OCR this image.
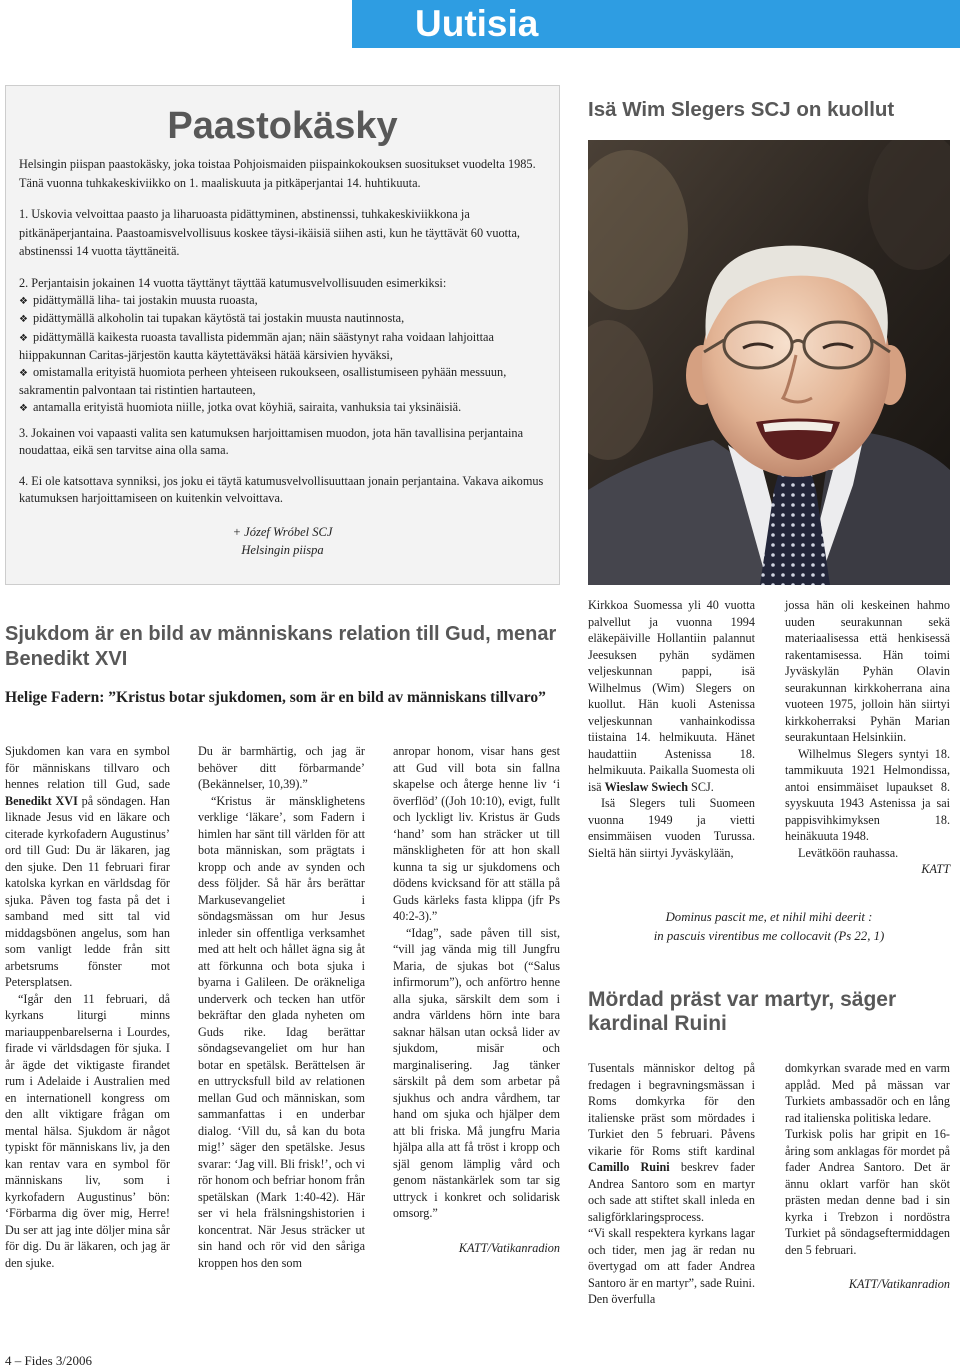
Uutisia
Paastokäsky

Helsingin piispan paastokäsky, joka toistaa Pohjoismaiden piispainkokouksen suositukset vuodelta 1985. Tänä vuonna tuhkakeskiviikko on 1. maaliskuuta ja pitkäperjantai 14. huhtikuuta.

1. Uskovia velvoittaa paasto ja liharuoasta pidättyminen, abstinenssi, tuhkakeskiviikkona ja pitkänäperjantaina. Paastoamisvelvollisuus koskee täysi-ikäisiä siihen asti, kun he täyttävät 60 vuotta, abstinenssi 14 vuotta täyttäneitä.

2. Perjantaisin jokainen 14 vuotta täyttänyt täyttää katumusvelvollisuuden esimerkiksi:
❖ pidättymällä liha- tai jostakin muusta ruoasta,
❖ pidättymällä alkoholin tai tupakan käytöstä tai jostakin muusta nautinnosta,
❖ pidättymällä kaikesta ruoasta tavallista pidemmän ajan; näin säästynyt raha voidaan lahjoittaa hiippakunnan Caritas-järjestön kautta käytettäväksi hätää kärsivien hyväksi,
❖ omistamalla erityistä huomiota perheen yhteiseen rukoukseen, osallistumiseen pyhään messuun, sakramentin palvontaan tai ristintien hartauteen,
❖ antamalla erityistä huomiota niille, jotka ovat köyhiä, sairaita, vanhuksia tai yksinäisiä.

3. Jokainen voi vapaasti valita sen katumuksen harjoittamisen muodon, jota hän tavallisina perjantaina noudattaa, eikä sen tarvitse aina olla sama.

4. Ei ole katsottava synniksi, jos joku ei täytä katumusvelvollisuuttaan jonain perjantaina. Vakava aikomus katumuksen harjoittamiseen on kuitenkin velvoittava.

+ Józef Wróbel SCJ
Helsingin piispa
Isä Wim Slegers SCJ on kuollut

Kirkkoa Suomessa yli 40 vuotta palvellut ja vuonna 1994 eläkepäiville Hollantiin palannut Jeesuksen pyhän sydämen veljeskunnan pappi, isä Wilhelmus (Wim) Slegers on kuollut. Hän kuoli Astenissa veljeskunnan vanhainkodissa tiistaina 14. helmikuuta. Hänet haudattiin Astenissa 18. helmikuuta. Paikalla Suomesta oli isä Wieslaw Swiech SCJ.

Isä Slegers tuli Suomeen vuonna 1949 ja vietti ensimmäisen vuoden Turussa. Sieltä hän siirtyi Jyväskylään,

jossa hän oli keskeinen hahmo uuden seurakunnan sekä materiaalisessa että henkisessä rakentamisessa. Hän toimi Jyväskylän Pyhän Olavin seurakunnan kirkkoherrana aina vuoteen 1975, jolloin hän siirtyi kirkkoherraksi Pyhän Marian seurakuntaan Helsinkiin.

Wilhelmus Slegers syntyi 18. tammikuuta 1921 Helmondissa, antoi ensimmäiset lupaukset 8. syyskuuta 1943 Astenissa ja sai pappisvihkimyksen 18. heinäkuuta 1948.

Levätköön rauhassa.

KATT

Dominus pascit me, et nihil mihi deerit :
in pascuis virentibus me collocavit (Ps 22, 1)
Sjukdom är en bild av människans relation till Gud, menar Benedikt XVI
Helige Fadern: ”Kristus botar sjukdomen, som är en bild av människans tillvaro”

Sjukdomen kan vara en symbol för människans tillvaro och hennes relation till Gud, sade Benedikt XVI på söndagen. Han liknade Jesus vid en läkare och citerade kyrkofadern Augustinus’ ord till Gud: Du är läkaren, jag den sjuke. Den 11 februari firar katolska kyrkan en världsdag för sjuka. Påven tog fasta på det i samband med sitt tal vid middagsbönen angelus, som han som vanligt ledde från sitt arbetsrums fönster mot Petersplatsen.

“Igår den 11 februari, då kyrkans liturgi minns mariauppenbarelserna i Lourdes, firade vi världsdagen för sjuka. I år ägde det viktigaste firandet rum i Adelaide i Australien med en internationell kongress om den allt viktigare frågan om mental hälsa. Sjukdom är något typiskt för människans liv, ja den kan rentav vara en symbol för människans liv, som i kyrkofadern Augustinus’ bön: ‘Förbarma dig över mig, Herre! Du ser att jag inte döljer mina sår för dig. Du är läkaren, och jag är den sjuke.

Du är barmhärtig, och jag är behöver ditt förbarmande’ (Bekännelser, 10,39).”

“Kristus är mänsklighetens verklige ‘läkare’, som Fadern i himlen har sänt till världen för att bota människan, som prägtats i kropp och ande av synden och dess följder. Så här års berättar Markusevangeliet i söndagsmässan om hur Jesus inleder sin offentliga verksamhet med att helt och hållet ägna sig åt att förkunna och bota sjuka i byarna i Galileen. De oräkneliga underverk och tecken han utför bekräftar den glada nyheten om Guds rike. Idag berättar söndagsevangeliet om hur han botar en spetälsk. Berättelsen är en uttrycksfull bild av relationen mellan Gud och människan, som sammanfattas i en underbar dialog. ‘Vill du, så kan du bota mig!’ säger den spetälske. Jesus svarar: ‘Jag vill. Bli frisk!’, och vi rör honom och befriar honom från spetälskan (Mark 1:40-42). Här ser vi hela frälsningshistorien i koncentrat. När Jesus sträcker ut sin hand och rör vid den såriga kroppen hos den som

anropar honom, visar hans gest att Gud vill bota sin fallna skapelse och återge henne liv ‘i överflöd’ ((Joh 10:10), evigt, fullt och lyckligt liv. Kristus är Guds ‘hand’ som han sträcker ut till mänskligheten för att hon skall kunna ta sig ur sjukdomens och dödens kvicksand för att ställa på Guds kärleks fasta klippa (jfr Ps 40:2-3).”

“Idag”, sade påven till sist, “vill jag vända mig till Jungfru Maria, de sjukas bot (“Salus infirmorum”), och anförtro henne alla sjuka, särskilt dem som i andra världens hörn inte bara saknar hälsan utan också lider av sjukdom, misär och marginalisering. Jag tänker särskilt på dem som arbetar på sjukhus och andra vårdhem, tar hand om sjuka och hjälper dem att bli friska. Må jungfru Maria hjälpa alla att få tröst i kropp och själ genom lämplig vård och genom nästankärlek som tar sig uttryck i konkret och solidarisk omsorg.”

KATT/Vatikanradion

Mördad präst var martyr, säger kardinal Ruini

Tusentals människor deltog på fredagen i begravningsmässan i Roms domkyrka för den italienske präst som mördades i Turkiet den 5 februari. Påvens vikarie för Roms stift kardinal Camillo Ruini beskrev fader Andrea Santoro som en martyr och sade att stiftet skall inleda en saligförklaringsprocess.

“Vi skall respektera kyrkans lagar och tider, men jag är redan nu övertygad om att fader Andrea Santoro är en martyr”, sade Ruini. Den överfulla

domkyrkan svarade med en varm applåd. Med på mässan var Turkiets ambassadör och en lång rad italienska politiska ledare.

Turkisk polis har gripit en 16-åring som anklagas för mordet på fader Andrea Santoro. Det är ännu oklart varför han sköt prästen medan denne bad i sin kyrka i Trebzon i nordöstra Turkiet på söndagseftermiddagen den 5 februari.

KATT/Vatikanradion

4 – Fides 3/2006
